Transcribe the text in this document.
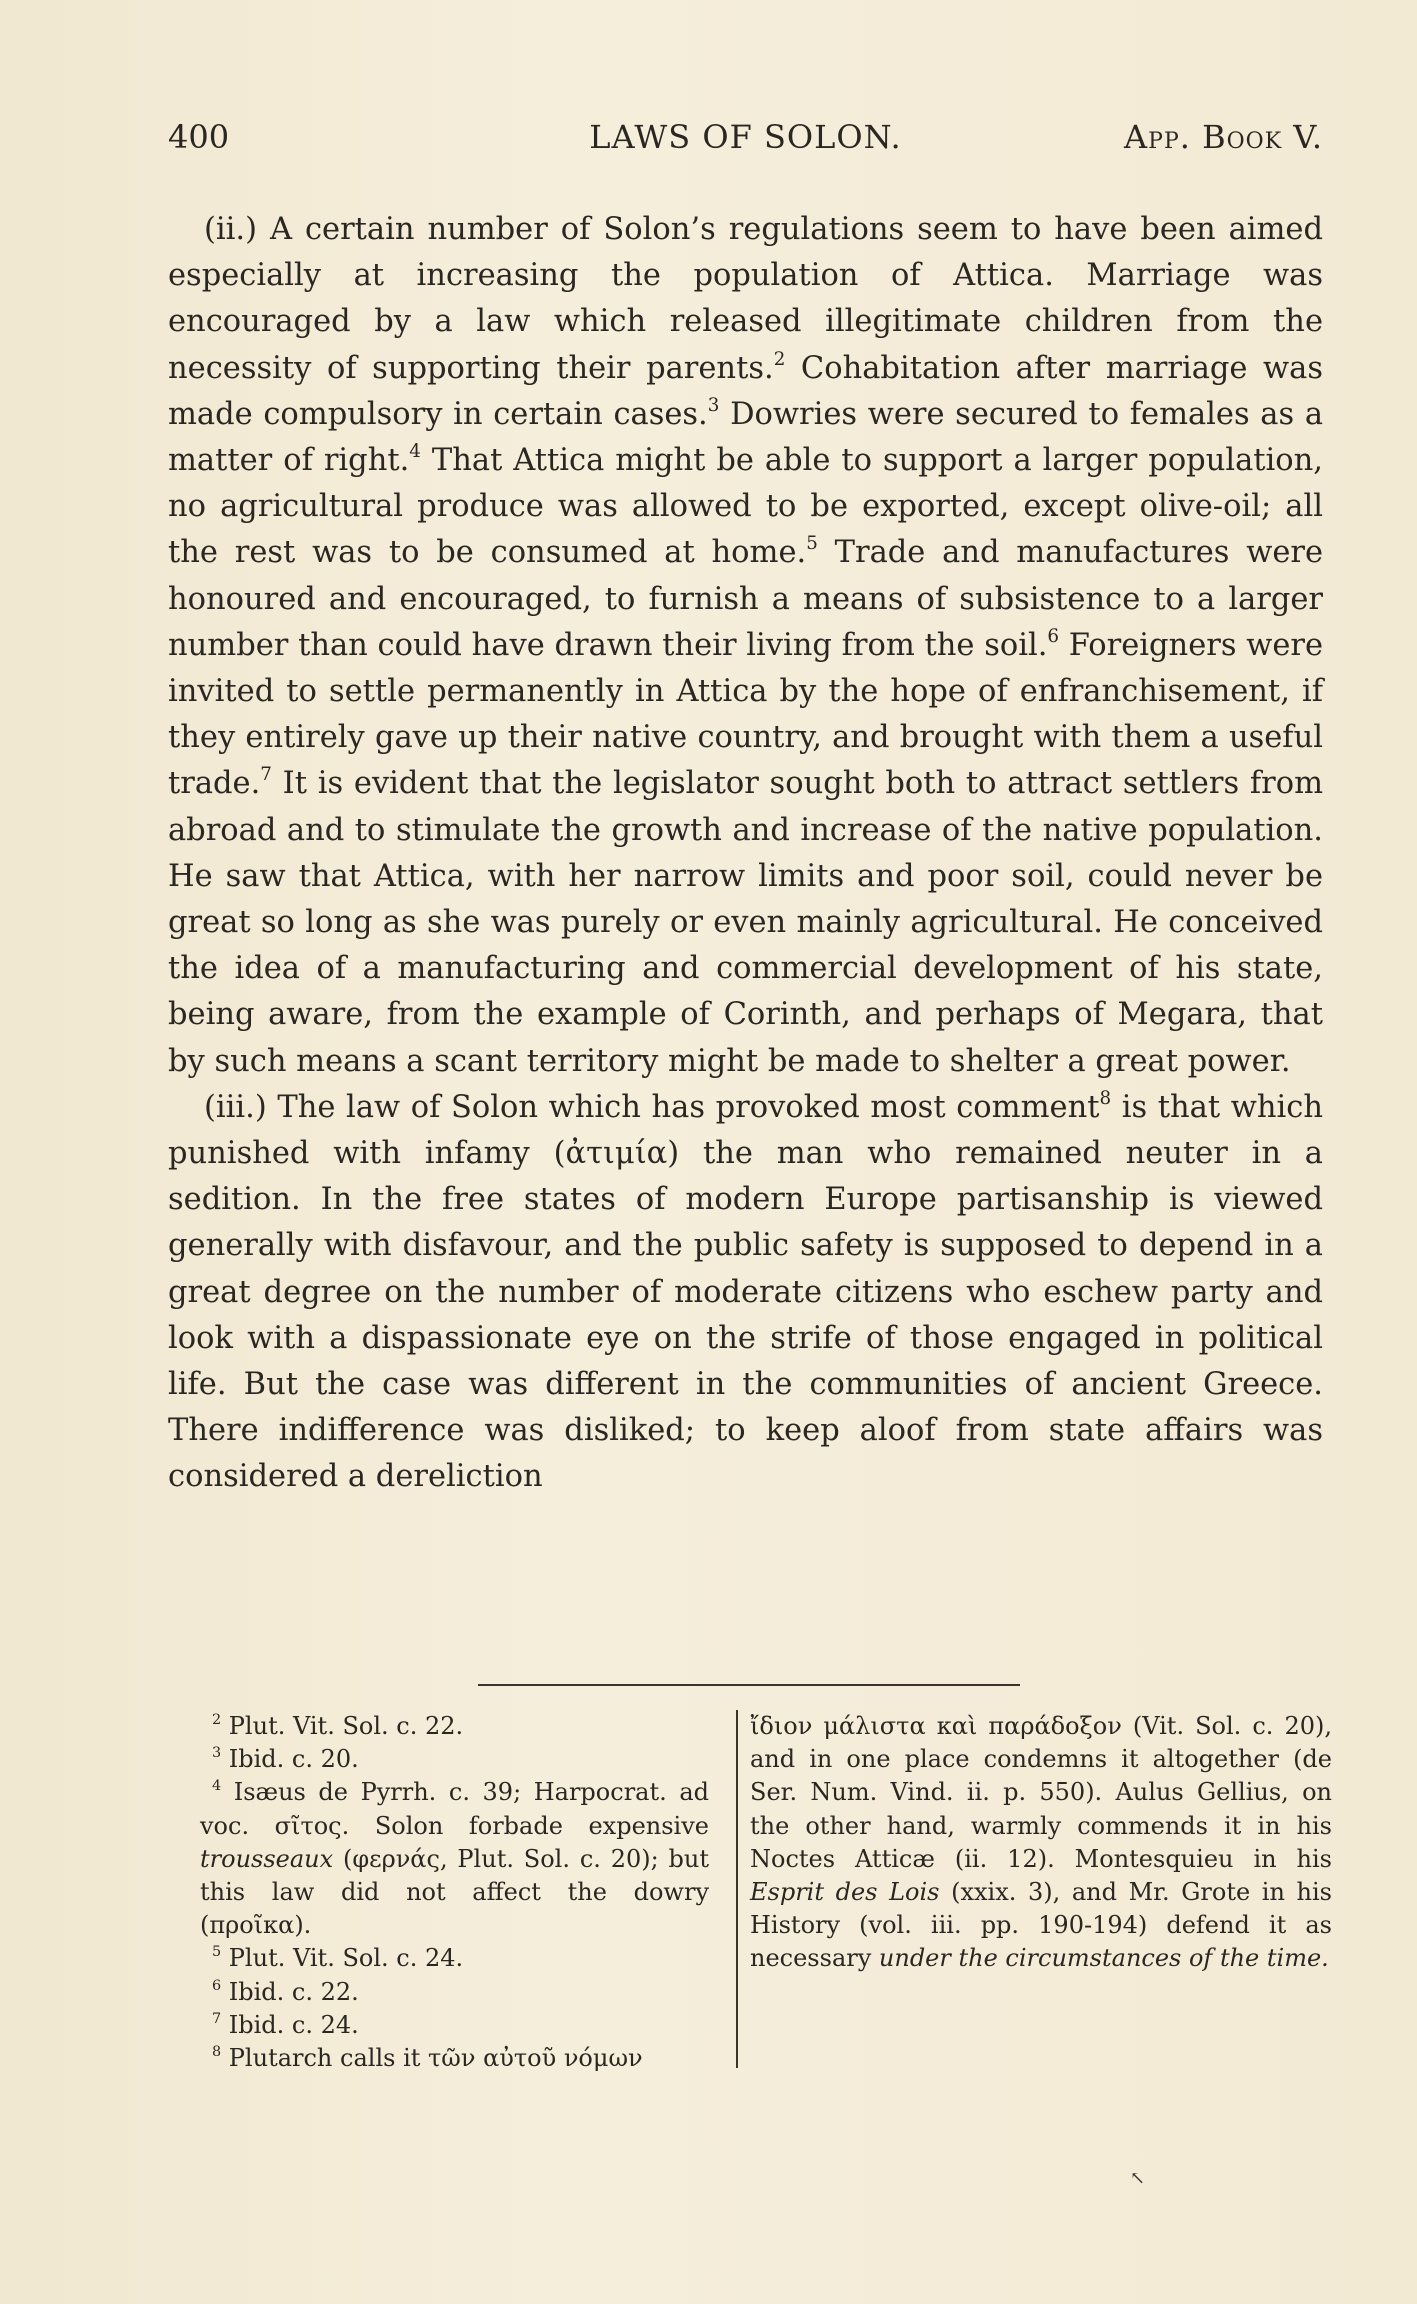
400	LAWS OF SOLON.	App. Book V.

(ii.) A certain number of Solon’s regulations seem to have been aimed especially at increasing the population of Attica. Marriage was encouraged by a law which released illegitimate children from the necessity of supporting their parents.$^2$ Cohabitation after marriage was made compulsory in certain cases.$^3$ Dowries were secured to females as a matter of right.$^4$ That Attica might be able to support a larger population, no agricultural produce was allowed to be exported, except olive-oil; all the rest was to be consumed at home.$^5$ Trade and manufactures were honoured and encouraged, to furnish a means of subsistence to a larger number than could have drawn their living from the soil.$^6$ Foreigners were invited to settle permanently in Attica by the hope of enfranchisement, if they entirely gave up their native country, and brought with them a useful trade.$^7$ It is evident that the legislator sought both to attract settlers from abroad and to stimulate the growth and increase of the native population. He saw that Attica, with her narrow limits and poor soil, could never be great so long as she was purely or even mainly agricultural. He conceived the idea of a manufacturing and commercial development of his state, being aware, from the example of Corinth, and perhaps of Megara, that by such means a scant territory might be made to shelter a great power.

(iii.) The law of Solon which has provoked most comment$^8$ is that which punished with infamy (ἀτιμία) the man who remained neuter in a sedition. In the free states of modern Europe partisanship is viewed generally with disfavour, and the public safety is supposed to depend in a great degree on the number of moderate citizens who eschew party and look with a dispassionate eye on the strife of those engaged in political life. But the case was different in the communities of ancient Greece. There indifference was disliked; to keep aloof from state affairs was considered a dereliction

$^2$ Plut. Vit. Sol. c. 22.

$^3$ Ibid. c. 20.

$^4$ Isæus de Pyrrh. c. 39; Harpocrat. ad voc. σῖτος. Solon forbade expensive trousseaux (φερνάς, Plut. Sol. c. 20); but this law did not affect the dowry (προῖκα).

$^5$ Plut. Vit. Sol. c. 24.

$^6$ Ibid. c. 22.

$^7$ Ibid. c. 24.

$^8$ Plutarch calls it τῶν αὐτοῦ νόμων

ἴδιον μάλιστα καὶ παράδοξον (Vit. Sol. c. 20), and in one place condemns it altogether (de Ser. Num. Vind. ii. p. 550). Aulus Gellius, on the other hand, warmly commends it in his Noctes Atticæ (ii. 12). Montesquieu in his Esprit des Lois (xxix. 3), and Mr. Grote in his History (vol. iii. pp. 190-194) defend it as necessary under the circumstances of the time.

↖
